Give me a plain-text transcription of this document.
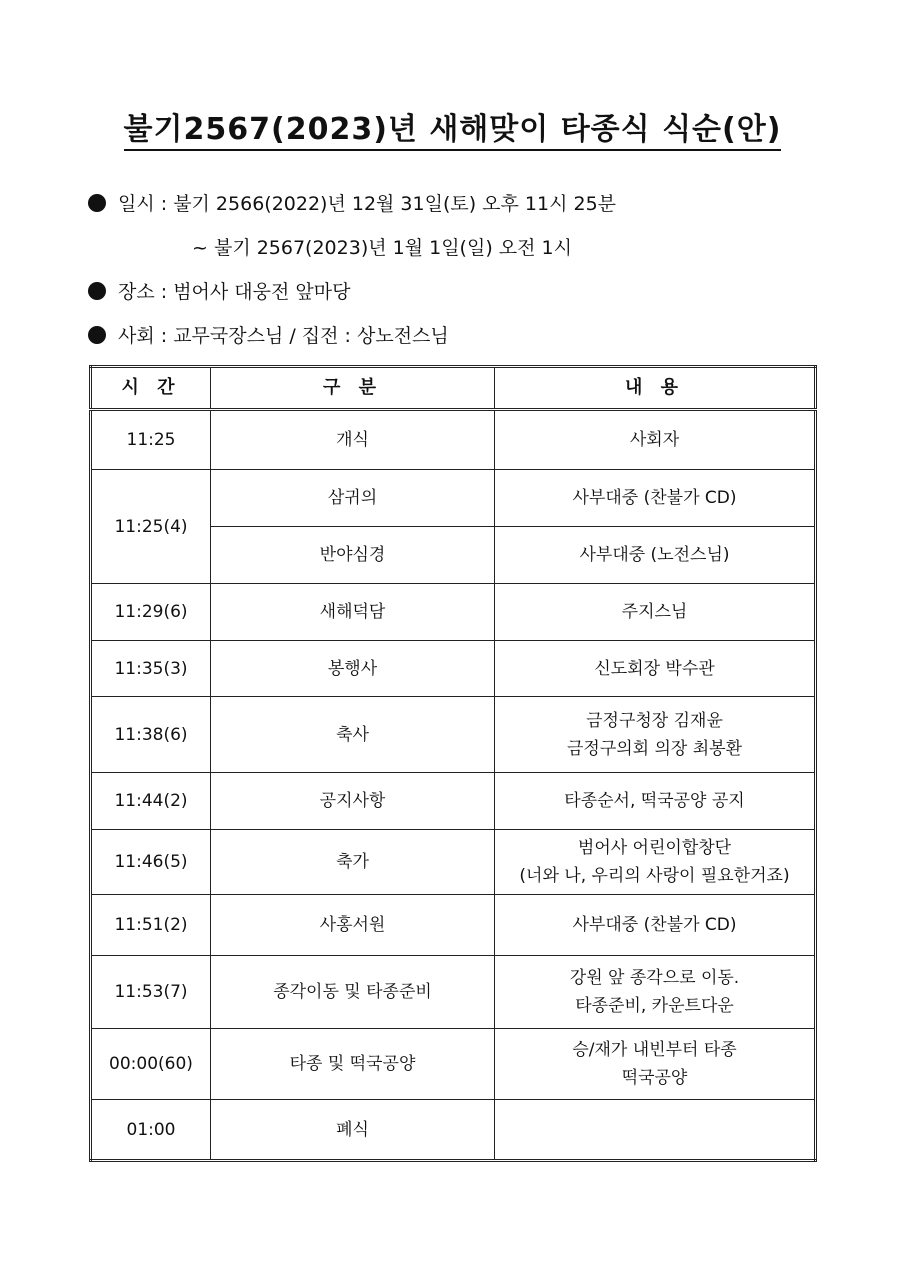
불기2567(2023)년 새해맞이 타종식 식순(안)
일시 : 불기 2566(2022)년 12월 31일(토) 오후 11시 25분
~ 불기 2567(2023)년 1월 1일(일) 오전 1시
장소 : 범어사 대웅전 앞마당
사회 : 교무국장스님 / 집전 : 상노전스님
시 간	구 분	내 용
11:25	개식	사회자
11:25(4)	삼귀의	사부대중 (찬불가 CD)
	반야심경	사부대중 (노전스님)
11:29(6)	새해덕담	주지스님
11:35(3)	봉행사	신도회장 박수관
11:38(6)	축사	금정구청장 김재윤
금정구의회 의장 최봉환
11:44(2)	공지사항	타종순서, 떡국공양 공지
11:46(5)	축가	범어사 어린이합창단
(너와 나, 우리의 사랑이 필요한거죠)
11:51(2)	사홍서원	사부대중 (찬불가 CD)
11:53(7)	종각이동 및 타종준비	강원 앞 종각으로 이동.
타종준비, 카운트다운
00:00(60)	타종 및 떡국공양	승/재가 내빈부터 타종
떡국공양
01:00	폐식	
